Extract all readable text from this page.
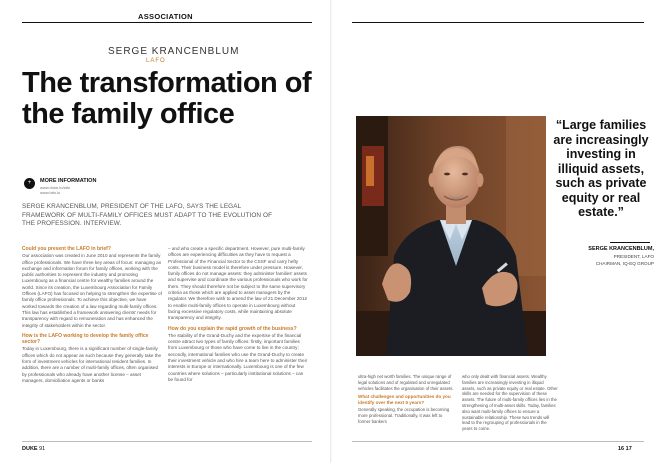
ASSOCIATION
SERGE KRANCENBLUM
LAFO
The transformation of the family office
+	MORE INFORMATION
www.duke.lu/lafo
www.lafo.lu

SERGE KRANCENBLUM, PRESIDENT OF THE LAFO, SAYS THE LEGAL FRAMEWORK OF MULTI-FAMILY OFFICES MUST ADAPT TO THE EVOLUTION OF THE PROFESSION. INTERVIEW.

Could you present the LAFO in brief?

Our association was created in June 2010 and represents the family office professionals. We have three key areas of focus: managing an exchange and information forum for family offices, working with the public authorities to represent the industry and promoting Luxembourg as a financial centre for wealthy families around the world. Since its creation, the Luxembourg Association for Family Offices (LAFO) has focused on helping to strengthen the expertise of family office professionals. To achieve this objective, we have worked towards the creation of a law regarding multi-family offices. This law has established a framework answering clients' needs for transparency with regard to remuneration and has enhanced the integrity of stakeholders within the sector.

How is the LAFO working to develop the family office sector?

Today in Luxembourg, there is a significant number of single-family offices which do not appear as such because they generally take the form of investment vehicles for international resident families. In addition, there are a number of multi-family offices, often organised by professionals who already have another license – asset managers, domiciliation agents or banks

– and who create a specific department. However, pure multi-family offices are experiencing difficulties as they have to request a Professional of the Financial Sector to the CSSF and carry hefty costs. Their business model is therefore under pressure. However, family offices do not manage assets: they administer families' assets and supervise and coordinate the various professionals who work for them. They should therefore not be subject to the same supervisory criteria as those which are applied to asset managers by the regulator. We therefore wish to amend the law of 21 December 2012 to enable multi-family offices to operate in Luxembourg without facing excessive regulatory costs, while maintaining absolute transparency and integrity.

How do you explain the rapid growth of the business?

The stability of the Grand-Duchy and the expertise of the financial centre attract two types of family offices: firstly, important families from Luxembourg or those who have come to live in the country; secondly, international families who use the Grand-Duchy to create their investment vehicle and who hire a team here to administer their interests in Europe or internationally. Luxembourg is one of the few countries where solutions – particularly institutional solutions – can be found for

DUKE 91	16 17

“Large families are increasingly investing in illiquid assets, such as private equity or real estate.”

SERGE KRANCENBLUM,
PRESIDENT, LAFO
CHAIRMAN, IQ-EQ GROUP

ultra-high net worth families. The unique range of legal solutions and of regulated and unregulated vehicles facilitates the organisation of their assets.

What challenges and opportunities do you identify over the next 5 years?

Generally speaking, the occupation is becoming more professional. Traditionally, it was left to former bankers

who only dealt with financial assets. Wealthy families are increasingly investing in illiquid assets, such as private equity or real estate. Other skills are needed for the supervision of these assets. The future of multi-family offices lies in the strengthening of multi-asset skills. Today, families also want multi-family offices to ensure a sustainable relationship. These two trends will lead to the regrouping of professionals in the years to come.
